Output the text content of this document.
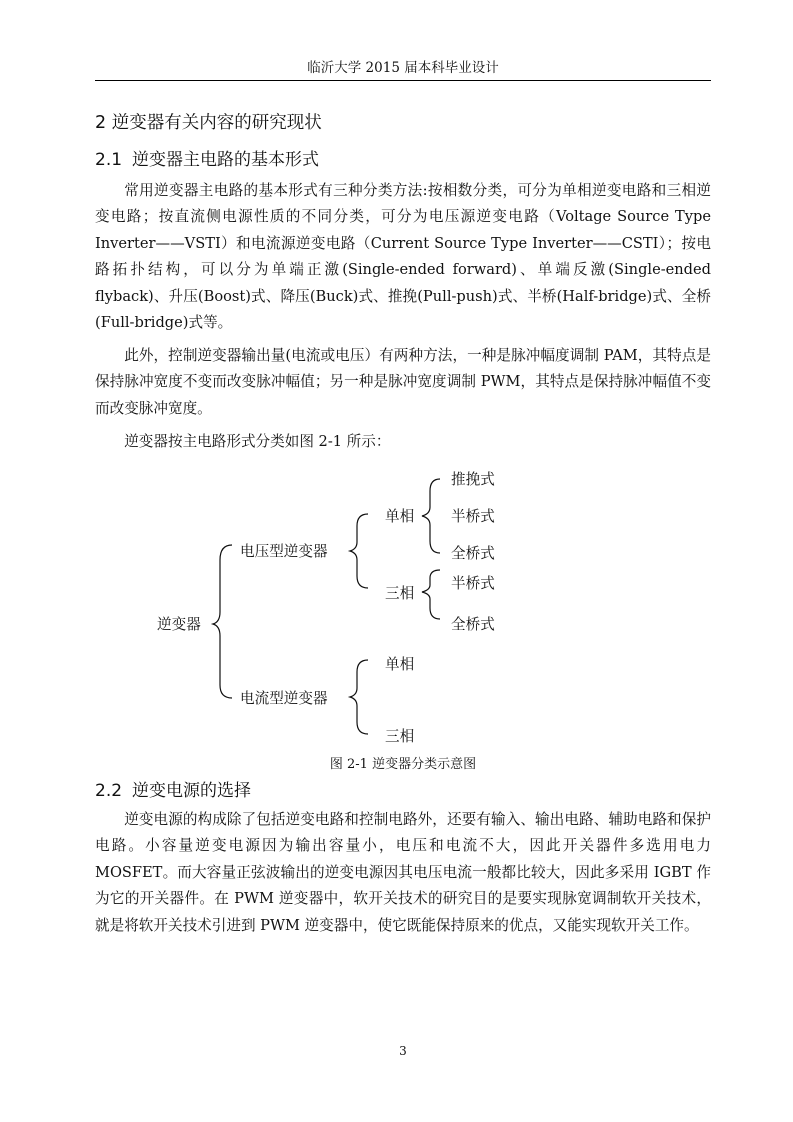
临沂大学 2015 届本科毕业设计
2 逆变器有关内容的研究现状
2.1 逆变器主电路的基本形式

常用逆变器主电路的基本形式有三种分类方法:按相数分类，可分为单相逆变电路和三相逆变电路；按直流侧电源性质的不同分类，可分为电压源逆变电路（Voltage Source Type Inverter——VSTI）和电流源逆变电路（Current Source Type Inverter——CSTI）；按电路拓扑结构，可以分为单端正激(Single-ended forward)、单端反激(Single-ended flyback)、升压(Boost)式、降压(Buck)式、推挽(Pull-push)式、半桥(Half-bridge)式、全桥(Full-bridge)式等。

此外，控制逆变器输出量(电流或电压）有两种方法，一种是脉冲幅度调制 PAM，其特点是保持脉冲宽度不变而改变脉冲幅值；另一种是脉冲宽度调制 PWM，其特点是保持脉冲幅值不变而改变脉冲宽度。

逆变器按主电路形式分类如图 2-1 所示：

逆变器
电压型逆变器
电流型逆变器
单相
三相
推挽式
半桥式
全桥式
半桥式
全桥式
单相
三相
图 2-1 逆变器分类示意图
2.2 逆变电源的选择

逆变电源的构成除了包括逆变电路和控制电路外，还要有输入、输出电路、辅助电路和保护电路。小容量逆变电源因为输出容量小，电压和电流不大，因此开关器件多选用电力 MOSFET。而大容量正弦波输出的逆变电源因其电压电流一般都比较大，因此多采用 IGBT 作为它的开关器件。在 PWM 逆变器中，软开关技术的研究目的是要实现脉宽调制软开关技术，就是将软开关技术引进到 PWM 逆变器中，使它既能保持原来的优点，又能实现软开关工作。

3
